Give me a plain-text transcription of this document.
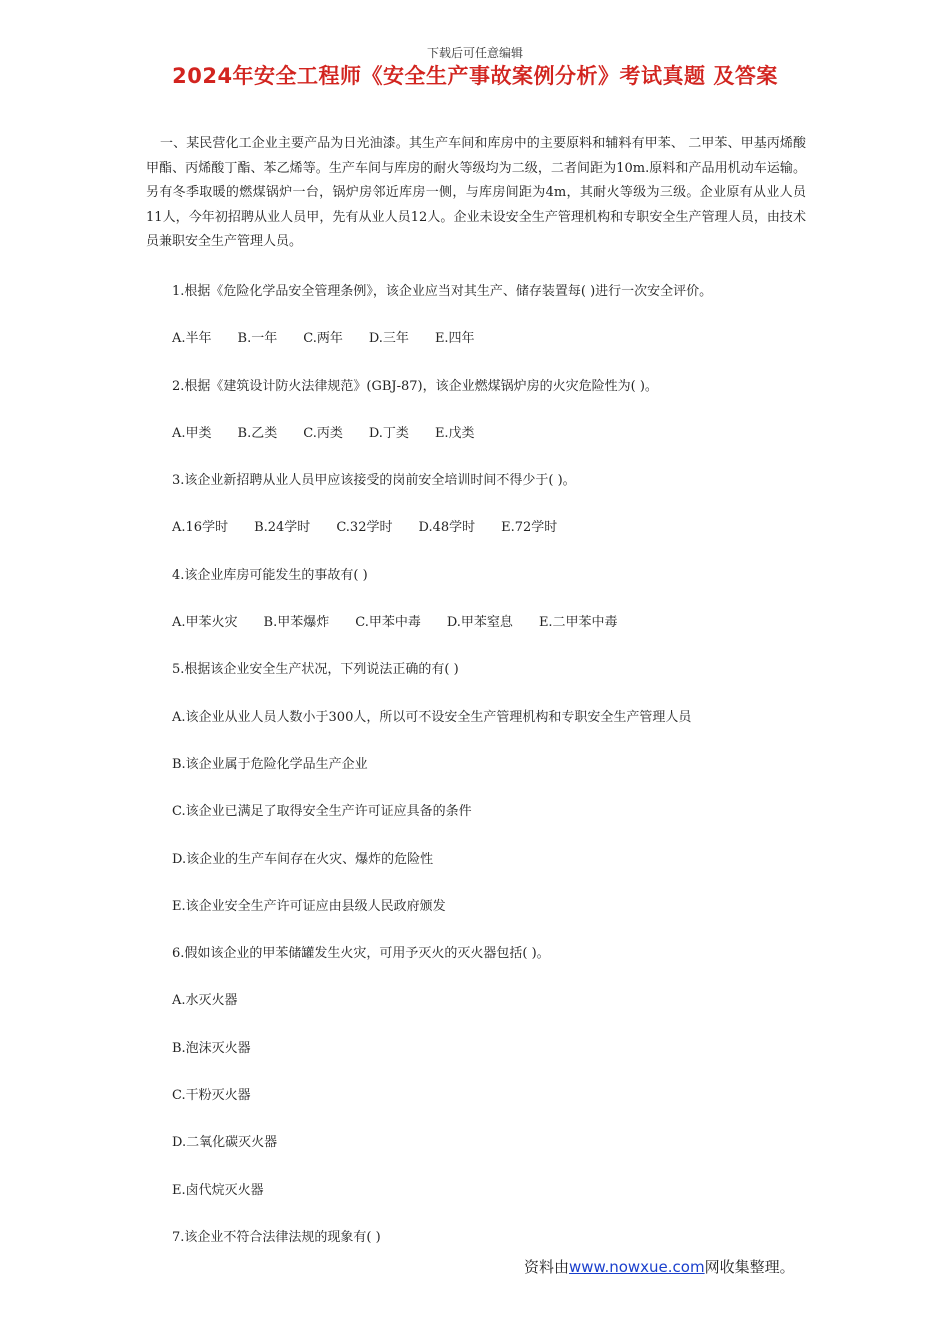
下载后可任意编辑
2024年安全工程师《安全生产事故案例分析》考试真题 及答案
一、某民营化工企业主要产品为日光油漆。其生产车间和库房中的主要原料和辅料有甲苯、 二甲苯、甲基丙烯酸甲酯、丙烯酸丁酯、苯乙烯等。生产车间与库房的耐火等级均为二级，二者间距为10m.原料和产品用机动车运输。另有冬季取暖的燃煤锅炉一台，锅炉房邻近库房一侧，与库房间距为4m，其耐火等级为三级。企业原有从业人员11人，今年初招聘从业人员甲，先有从业人员12人。企业未设安全生产管理机构和专职安全生产管理人员，由技术员兼职安全生产管理人员。

1.根据《危险化学品安全管理条例》，该企业应当对其生产、储存装置每( )进行一次安全评价。

A.半年 B.一年 C.两年 D.三年 E.四年

2.根据《建筑设计防火法律规范》(GBJ-87)，该企业燃煤锅炉房的火灾危险性为( )。

A.甲类 B.乙类 C.丙类 D.丁类 E.戊类

3.该企业新招聘从业人员甲应该接受的岗前安全培训时间不得少于( )。

A.16学时 B.24学时 C.32学时 D.48学时 E.72学时

4.该企业库房可能发生的事故有( )

A.甲苯火灾 B.甲苯爆炸 C.甲苯中毒 D.甲苯窒息 E.二甲苯中毒

5.根据该企业安全生产状况，下列说法正确的有( )

A.该企业从业人员人数小于300人，所以可不设安全生产管理机构和专职安全生产管理人员

B.该企业属于危险化学品生产企业

C.该企业已满足了取得安全生产许可证应具备的条件

D.该企业的生产车间存在火灾、爆炸的危险性

E.该企业安全生产许可证应由县级人民政府颁发

6.假如该企业的甲苯储罐发生火灾，可用予灭火的灭火器包括( )。

A.水灭火器

B.泡沫灭火器

C.干粉灭火器

D.二氧化碳灭火器

E.卤代烷灭火器

7.该企业不符合法律法规的现象有( )

资料由www.nowxue.com网收集整理。
